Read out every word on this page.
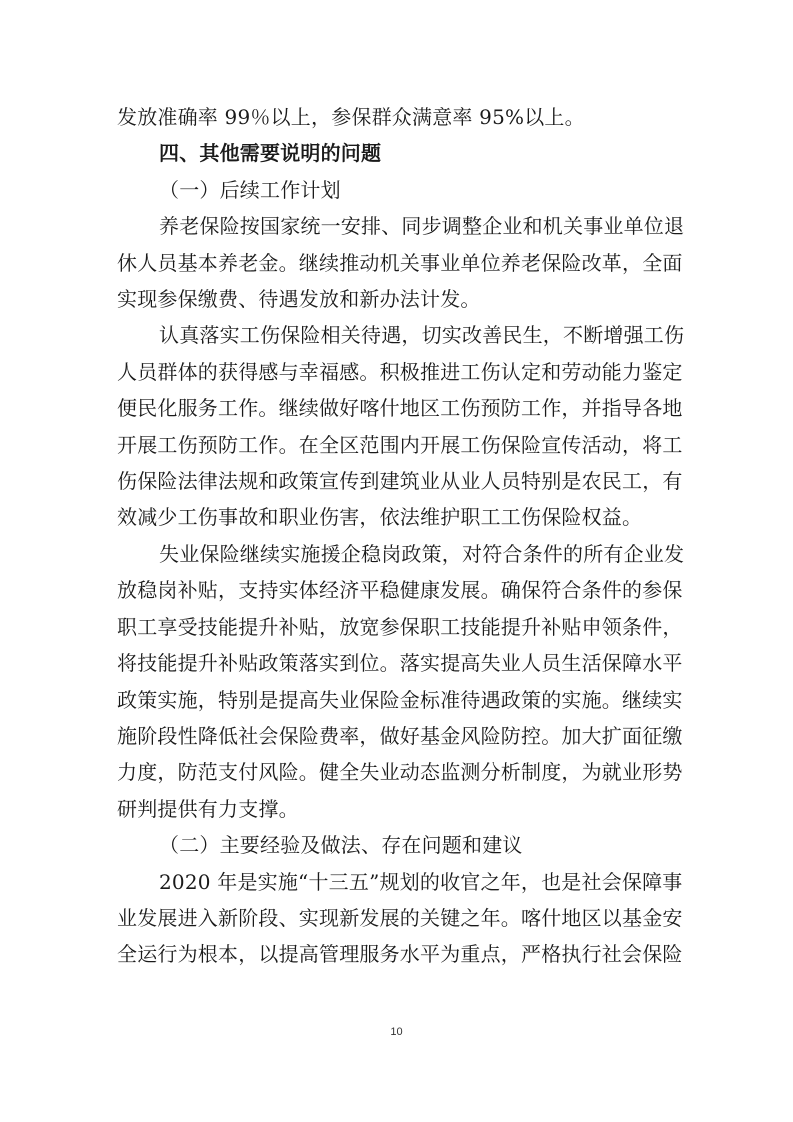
发放准确率 99％以上，参保群众满意率 95%以上。
四、其他需要说明的问题
（一）后续工作计划
养老保险按国家统一安排、同步调整企业和机关事业单位退
休人员基本养老金。继续推动机关事业单位养老保险改革，全面
实现参保缴费、待遇发放和新办法计发。
认真落实工伤保险相关待遇，切实改善民生，不断增强工伤
人员群体的获得感与幸福感。积极推进工伤认定和劳动能力鉴定
便民化服务工作。继续做好喀什地区工伤预防工作，并指导各地
开展工伤预防工作。在全区范围内开展工伤保险宣传活动，将工
伤保险法律法规和政策宣传到建筑业从业人员特别是农民工，有
效减少工伤事故和职业伤害，依法维护职工工伤保险权益。
失业保险继续实施援企稳岗政策，对符合条件的所有企业发
放稳岗补贴，支持实体经济平稳健康发展。确保符合条件的参保
职工享受技能提升补贴，放宽参保职工技能提升补贴申领条件，
将技能提升补贴政策落实到位。落实提高失业人员生活保障水平
政策实施，特别是提高失业保险金标准待遇政策的实施。继续实
施阶段性降低社会保险费率，做好基金风险防控。加大扩面征缴
力度，防范支付风险。健全失业动态监测分析制度，为就业形势
研判提供有力支撑。
（二）主要经验及做法、存在问题和建议
2020 年是实施“十三五”规划的收官之年，也是社会保障事
业发展进入新阶段、实现新发展的关键之年。喀什地区以基金安
全运行为根本，以提高管理服务水平为重点，严格执行社会保险
10
